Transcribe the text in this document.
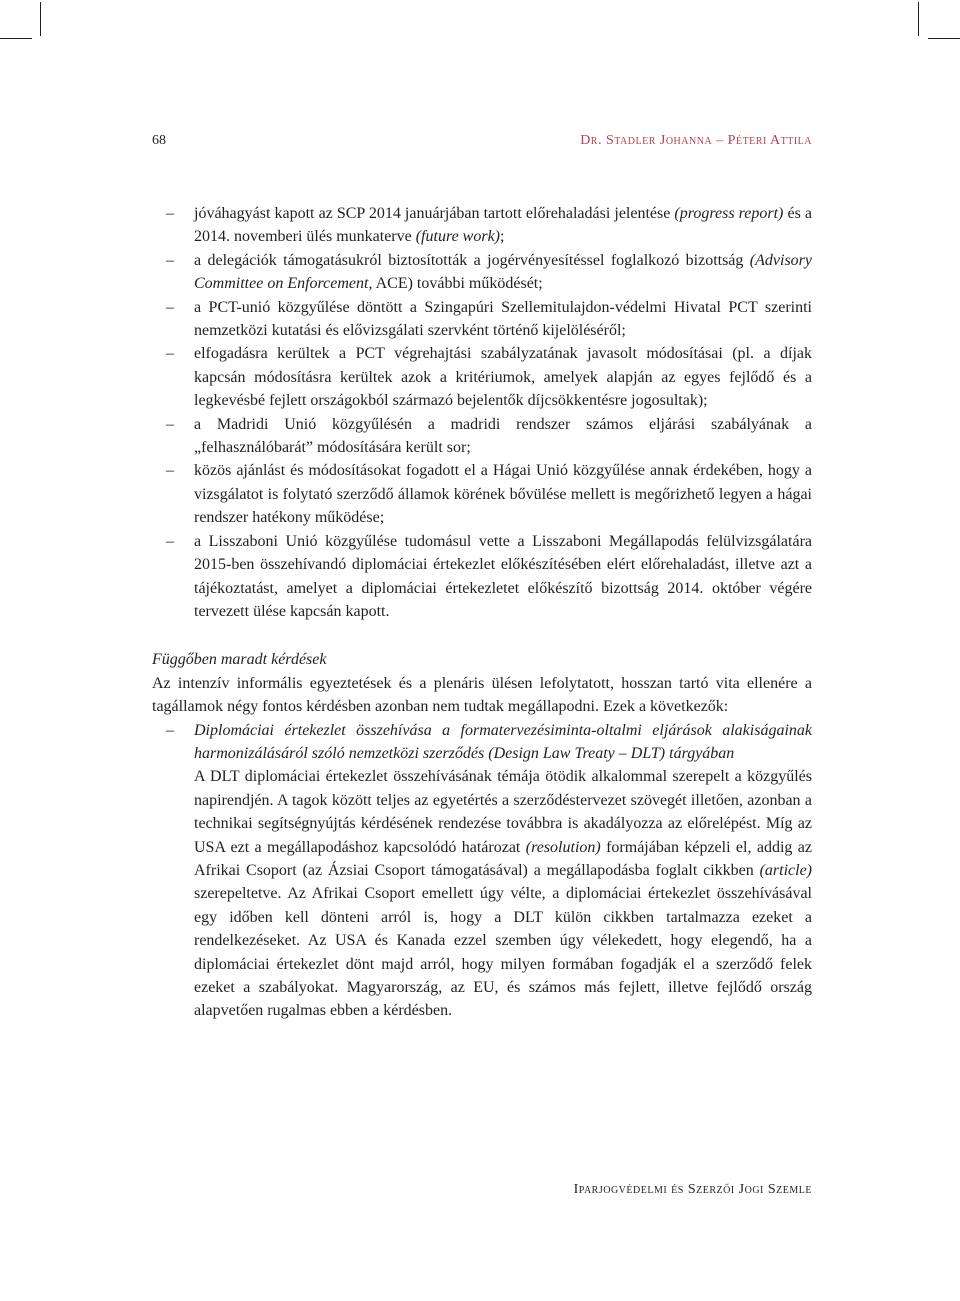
68	Dr. Stadler Johanna – Péteri Attila
– jóváhagyást kapott az SCP 2014 januárjában tartott előrehaladási jelentése (progress report) és a 2014. novemberi ülés munkaterve (future work);
– a delegációk támogatásukról biztosították a jogérvényesítéssel foglalkozó bizottság (Advisory Committee on Enforcement, ACE) további működését;
– a PCT-unió közgyűlése döntött a Szingapúri Szellemitulajdon-védelmi Hivatal PCT szerinti nemzetközi kutatási és elővizsgálati szervként történő kijelöléséről;
– elfogadásra kerültek a PCT végrehajtási szabályzatának javasolt módosításai (pl. a díjak kapcsán módosításra kerültek azok a kritériumok, amelyek alapján az egyes fejlődő és a legkevésbé fejlett országokból származó bejelentők díjcsökkentésre jogosultak);
– a Madridi Unió közgyűlésén a madridi rendszer számos eljárási szabályának a „felhasználóbarát” módosítására került sor;
– közös ajánlást és módosításokat fogadott el a Hágai Unió közgyűlése annak érdekében, hogy a vizsgálatot is folytató szerződő államok körének bővülése mellett is megőrizhető legyen a hágai rendszer hatékony működése;
– a Lisszaboni Unió közgyűlése tudomásul vette a Lisszaboni Megállapodás felülvizsgálatára 2015-ben összehívandó diplomáciai értekezlet előkészítésében elért előrehaladást, illetve azt a tájékoztatást, amelyet a diplomáciai értekezletet előkészítő bizottság 2014. október végére tervezett ülése kapcsán kapott.
Függőben maradt kérdések
Az intenzív informális egyeztetések és a plenáris ülésen lefolytatott, hosszan tartó vita ellenére a tagállamok négy fontos kérdésben azonban nem tudtak megállapodni. Ezek a következők:
– Diplomáciai értekezlet összehívása a formatervezésiminta-oltalmi eljárások alakiságainak harmonizálásáról szóló nemzetközi szerződés (Design Law Treaty – DLT) tárgyában
A DLT diplomáciai értekezlet összehívásának témája ötödik alkalommal szerepelt a közgyűlés napirendjén. A tagok között teljes az egyetértés a szerződéstervezet szövegét illetően, azonban a technikai segítségnyújtás kérdésének rendezése továbbra is akadályozza az előrelépést. Míg az USA ezt a megállapodáshoz kapcsolódó határozat (resolution) formájában képzeli el, addig az Afrikai Csoport (az Ázsiai Csoport támogatásával) a megállapodásba foglalt cikkben (article) szerepeltetve. Az Afrikai Csoport emellett úgy vélte, a diplomáciai értekezlet összehívásával egy időben kell dönteni arról is, hogy a DLT külön cikkben tartalmazza ezeket a rendelkezéseket. Az USA és Kanada ezzel szemben úgy vélekedett, hogy elegendő, ha a diplomáciai értekezlet dönt majd arról, hogy milyen formában fogadják el a szerződő felek ezeket a szabályokat. Magyarország, az EU, és számos más fejlett, illetve fejlődő ország alapvetően rugalmas ebben a kérdésben.
Iparjogvédelmi és Szerzői Jogi Szemle
